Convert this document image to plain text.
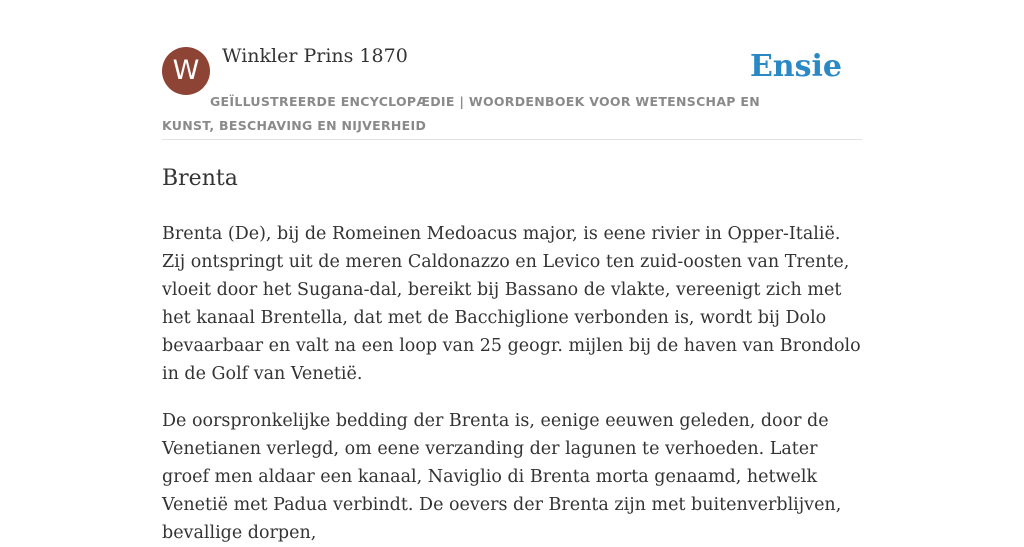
W	Winkler Prins 1870	Ensie
GEÏLLUSTREERDE ENCYCLOPÆDIE | WOORDENBOEK VOOR WETENSCHAP EN KUNST, BESCHAVING EN NIJVERHEID
Brenta

Brenta (De), bij de Romeinen Medoacus major, is eene rivier in Opper-Italië. Zij ontspringt uit de meren Caldonazzo en Levico ten zuid-oosten van Trente, vloeit door het Sugana-dal, bereikt bij Bassano de vlakte, vereenigt zich met het kanaal Brentella, dat met de Bacchiglione verbonden is, wordt bij Dolo bevaarbaar en valt na een loop van 25 geogr. mijlen bij de haven van Brondolo in de Golf van Venetië.

De oorspronkelijke bedding der Brenta is, eenige eeuwen geleden, door de Venetianen verlegd, om eene verzanding der lagunen te verhoeden. Later groef men aldaar een kanaal, Naviglio di Brenta morta genaamd, hetwelk Venetië met Padua verbindt. De oevers der Brenta zijn met buitenverblijven, bevallige dorpen,
